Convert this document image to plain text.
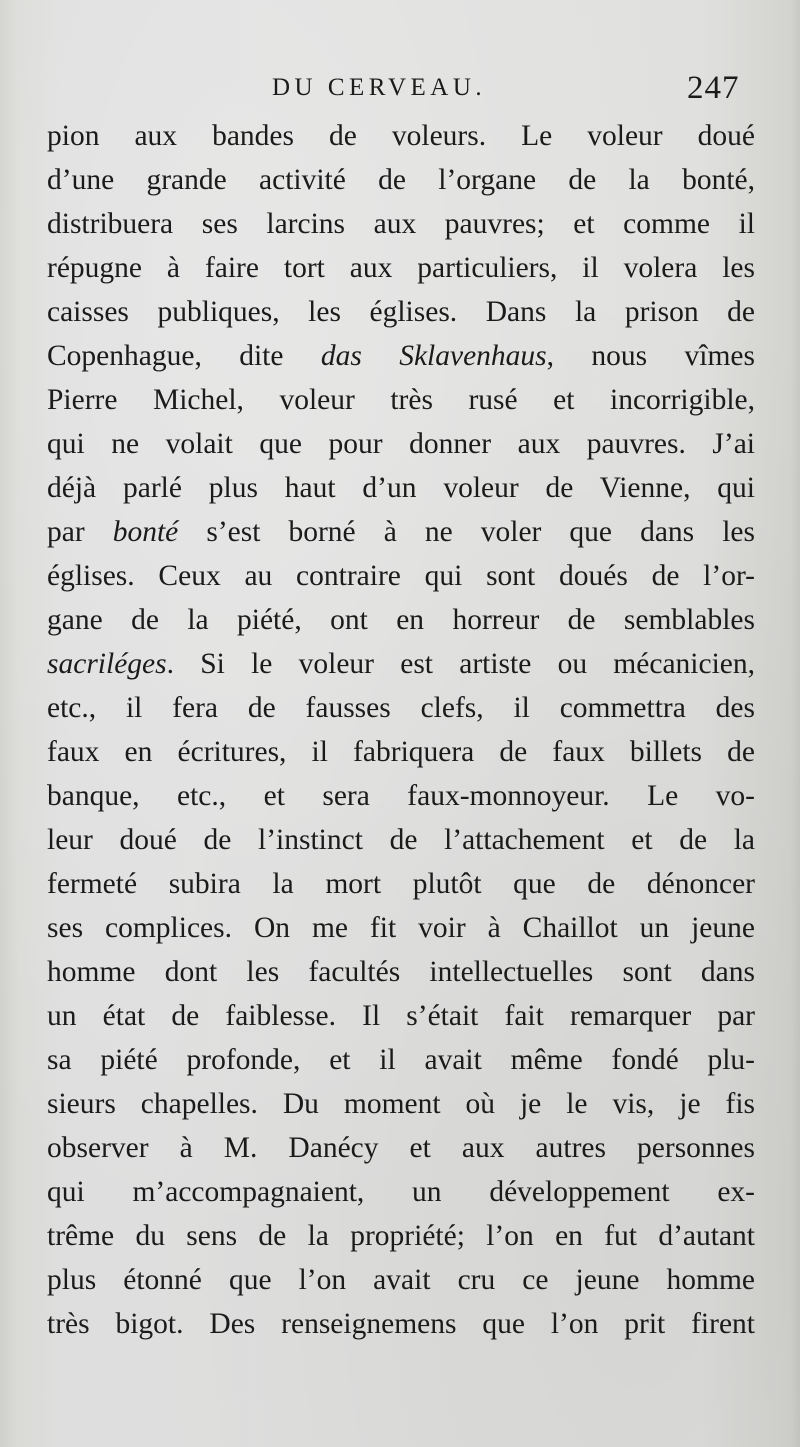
DU CERVEAU.	247
pion aux bandes de voleurs. Le voleur doué
d’une grande activité de l’organe de la bonté,
distribuera ses larcins aux pauvres; et comme il
répugne à faire tort aux particuliers, il volera les
caisses publiques, les églises. Dans la prison de
Copenhague, dite das Sklavenhaus, nous vîmes
Pierre Michel, voleur très rusé et incorrigible,
qui ne volait que pour donner aux pauvres. J’ai
déjà parlé plus haut d’un voleur de Vienne, qui
par bonté s’est borné à ne voler que dans les
églises. Ceux au contraire qui sont doués de l’or-
gane de la piété, ont en horreur de semblables
sacriléges. Si le voleur est artiste ou mécanicien,
etc., il fera de fausses clefs, il commettra des
faux en écritures, il fabriquera de faux billets de
banque, etc., et sera faux-monnoyeur. Le vo-
leur doué de l’instinct de l’attachement et de la
fermeté subira la mort plutôt que de dénoncer
ses complices. On me fit voir à Chaillot un jeune
homme dont les facultés intellectuelles sont dans
un état de faiblesse. Il s’était fait remarquer par
sa piété profonde, et il avait même fondé plu-
sieurs chapelles. Du moment où je le vis, je fis
observer à M. Danécy et aux autres personnes
qui m’accompagnaient, un développement ex-
trême du sens de la propriété; l’on en fut d’autant
plus étonné que l’on avait cru ce jeune homme
très bigot. Des renseignemens que l’on prit firent
